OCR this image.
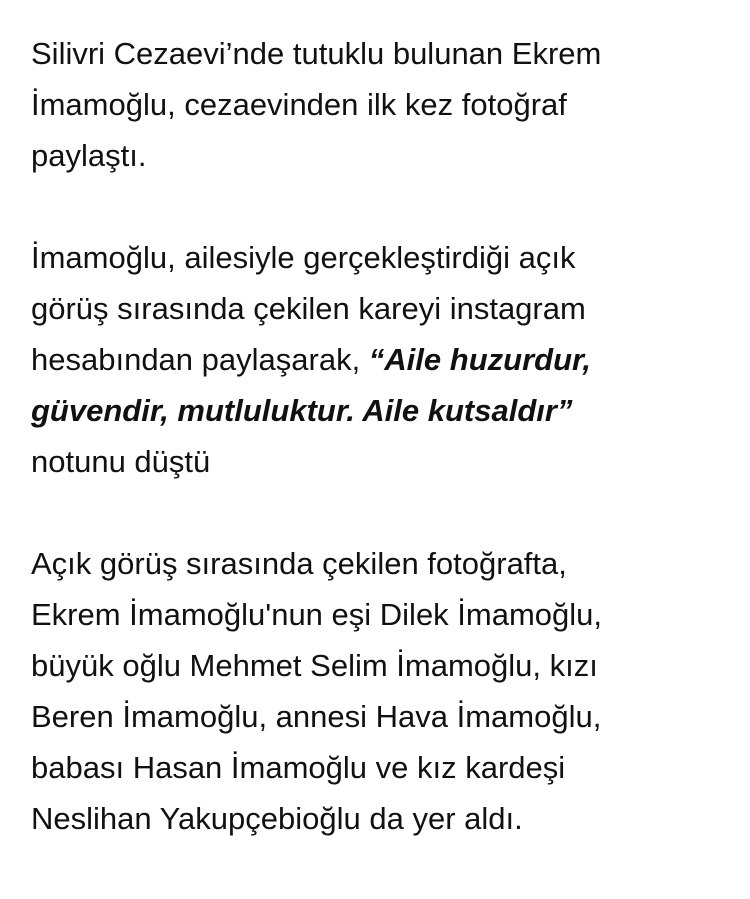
Silivri Cezaevi’nde tutuklu bulunan Ekrem
İmamoğlu, cezaevinden ilk kez fotoğraf
paylaştı.

İmamoğlu, ailesiyle gerçekleştirdiği açık
görüş sırasında çekilen kareyi instagram
hesabından paylaşarak, “Aile huzurdur,
güvendir, mutluluktur. Aile kutsaldır”
notunu düştü

Açık görüş sırasında çekilen fotoğrafta,
Ekrem İmamoğlu'nun eşi Dilek İmamoğlu,
büyük oğlu Mehmet Selim İmamoğlu, kızı
Beren İmamoğlu, annesi Hava İmamoğlu,
babası Hasan İmamoğlu ve kız kardeşi
Neslihan Yakupçebioğlu da yer aldı.
